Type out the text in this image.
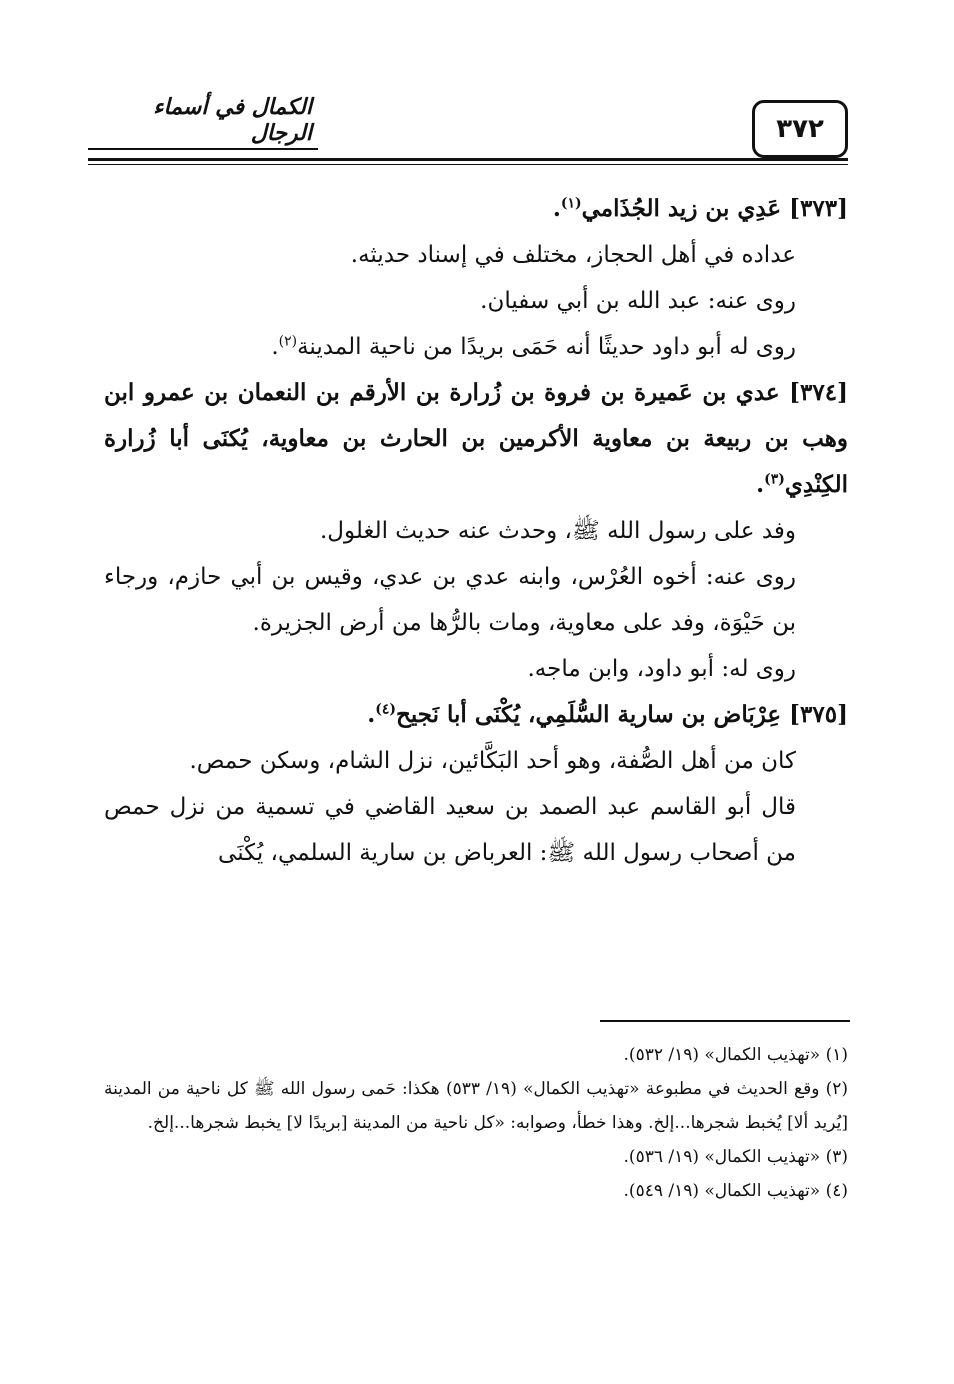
٣٧٢
الكمال في أسماء الرجال

[٣٧٣] عَدِي بن زيد الجُذَامي$^{(١)}$.

عداده في أهل الحجاز، مختلف في إسناد حديثه.

روى عنه: عبد الله بن أبي سفيان.

روى له أبو داود حديثًا أنه حَمَى بريدًا من ناحية المدينة$^{(٢)}$.

[٣٧٤] عدي بن عَميرة بن فروة بن زُرارة بن الأرقم بن النعمان بن عمرو ابن وهب بن ربيعة بن معاوية الأكرمين بن الحارث بن معاوية، يُكنَى أبا زُرارة الكِنْدِي$^{(٣)}$.

وفد على رسول الله ﷺ، وحدث عنه حديث الغلول.

روى عنه: أخوه العُرْس، وابنه عدي بن عدي، وقيس بن أبي حازم، ورجاء بن حَيْوَة، وفد على معاوية، ومات بالرُّها من أرض الجزيرة.

روى له: أبو داود، وابن ماجه.

[٣٧٥] عِرْبَاض بن سارية السُّلَمِي، يُكْنَى أبا نَجيح$^{(٤)}$.

كان من أهل الصُّفة، وهو أحد البَكَّائين، نزل الشام، وسكن حمص.

قال أبو القاسم عبد الصمد بن سعيد القاضي في تسمية من نزل حمص من أصحاب رسول الله ﷺ: العرباض بن سارية السلمي، يُكْنَى

(١) «تهذيب الكمال» (١٩/ ٥٣٢).

(٢) وقع الحديث في مطبوعة «تهذيب الكمال» (١٩/ ٥٣٣) هكذا: حَمى رسول الله ﷺ كل ناحية من المدينة [يُريد ألا] يُخبط شجرها...إلخ. وهذا خطأ، وصوابه: «كل ناحية من المدينة [بريدًا لا] يخبط شجرها...إلخ.

(٣) «تهذيب الكمال» (١٩/ ٥٣٦).

(٤) «تهذيب الكمال» (١٩/ ٥٤٩).
